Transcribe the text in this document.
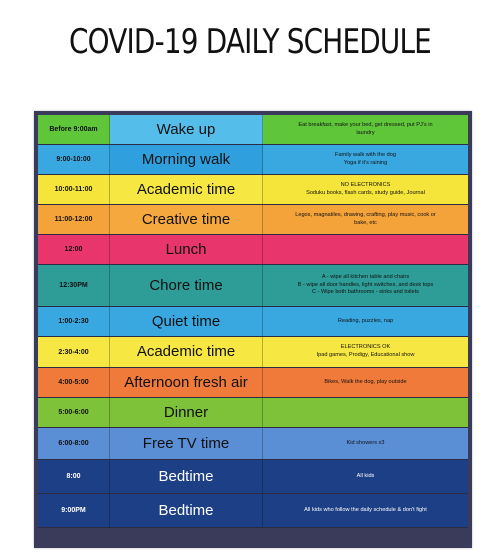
COVID-19 DAILY SCHEDULE
Before 9:00am	Wake up	Eat breakfast, make your bed, get dressed, put PJ's in
laundry
9:00-10:00	Morning walk	Family walk with the dog
Yoga if it's raining
10:00-11:00	Academic time	NO ELECTRONICS
Soduku books, flash cards, study guide, Journal
11:00-12:00	Creative time	Legos, magnatiles, drawing, crafting, play music, cook or
bake, etc
12:00	Lunch
12:30PM	Chore time	A - wipe all kitchen table and chairs
B - wipe all door handles, light switches, and desk tops
C - Wipe both bathrooms - sinks and toilets
1:00-2:30	Quiet time	Reading, puzzles, nap
2:30-4:00	Academic time	ELECTRONICS OK
Ipad games, Prodigy, Educational show
4:00-5:00	Afternoon fresh air	Bikes, Walk the dog, play outside
5:00-6:00	Dinner
6:00-8:00	Free TV time	Kid showers x3
8:00	Bedtime	All kids
9:00PM	Bedtime	All kids who follow the daily schedule & don't fight
